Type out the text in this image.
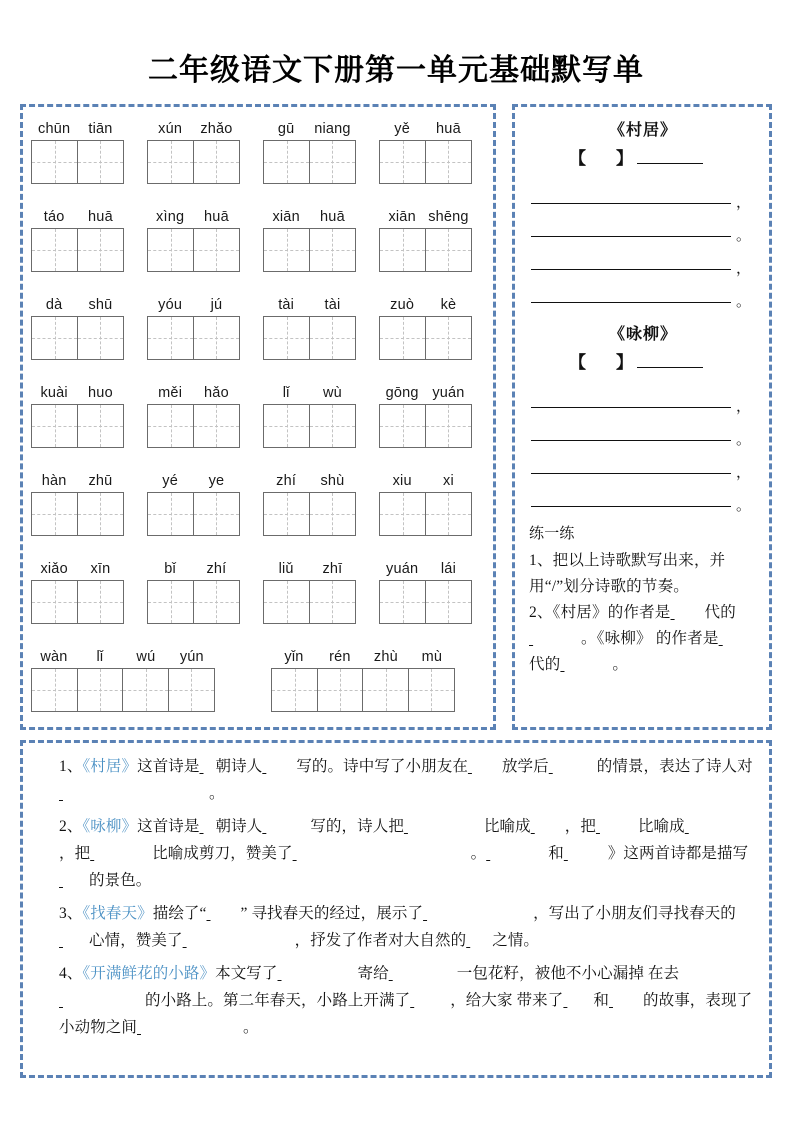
二年级语文下册第一单元基础默写单
chūn	tiān	xún	zhǎo	gū	niang	yě	huā
táo	huā	xìng	huā	xiān	huā	xiān shēng
dà	shū	yóu	jú	tài	tài	zuò	kè
kuài	huo	měi	hǎo	lǐ	wù	gōng yuán
hàn	zhū	yé	ye	zhí	shù	xiu	xi
xiǎo	xīn	bǐ	zhí	liǔ	zhī	yuán	lái
wàn	lǐ	wú	yún	yǐn	rén	zhù	mù
《村居》
【 】
，
。
，
。
《咏柳》
【 】
，
。
，
。
练一练

1、把以上诗歌默写出来，并用“/”划分诗歌的节奏。

2、《村居》的作者是 代的 。《咏柳》 的作者是 代的	。

1、《村居》这首诗是 朝诗人 写的。诗中写了小朋友在 放学后	的情景，表达了诗人对 。

2、《咏柳》这首诗是 朝诗人	写的，诗人把	比喻成 ，把	比喻成 ，把	比喻成剪刀，赞美了	。	和	》这两首诗都是描写 的景色。

3、《找春天》描绘了“ ” 寻找春天的经过，展示了	，写出了小朋友们寻找春天的 心情，赞美了	，抒发了作者对大自然的 之情。

4、《开满鲜花的小路》本文写了	寄给	一包花籽，被他不小心漏掉 在去 的小路上。第二年春天，小路上开满了	，给大家 带来了 和 的故事，表现了小动物之间	。
